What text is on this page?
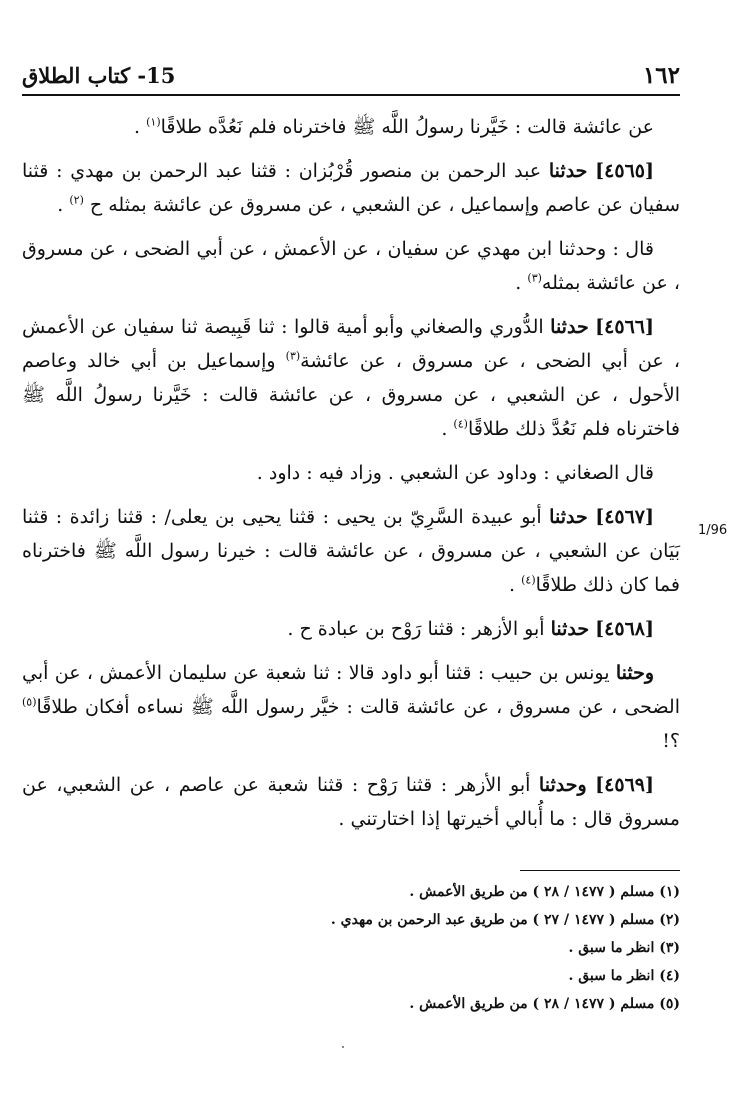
١٦٢
15- كتاب الطلاق
1/96

عن عائشة قالت : خَيَّرنا رسولُ اللَّه ﷺ فاخترناه فلم نَعُدَّه طلاقًا$^{(١)}$ .

[٤٥٦٥] حدثنا عبد الرحمن بن منصور قُرْبُزان : قثنا عبد الرحمن بن مهدي : قثنا سفيان عن عاصم وإسماعيل ، عن الشعبي ، عن مسروق عن عائشة بمثله ح $^{(٢)}$ .

قال : وحدثنا ابن مهدي عن سفيان ، عن الأعمش ، عن أبي الضحى ، عن مسروق ، عن عائشة بمثله$^{(٣)}$ .

[٤٥٦٦] حدثنا الدُّوري والصغاني وأبو أمية قالوا : ثنا قَبِيصة ثنا سفيان عن الأعمش ، عن أبي الضحى ، عن مسروق ، عن عائشة$^{(٣)}$ وإسماعيل بن أبي خالد وعاصم الأحول ، عن الشعبي ، عن مسروق ، عن عائشة قالت : خَيَّرنا رسولُ اللَّه ﷺ فاخترناه فلم نَعُدَّ ذلك طلاقًا$^{(٤)}$ .

قال الصغاني : وداود عن الشعبي . وزاد فيه : داود .

[٤٥٦٧] حدثنا أبو عبيدة السَّرِيّ بن يحيى : قثنا يحيى بن يعلى/ : قثنا زائدة : قثنا بَيَان عن الشعبي ، عن مسروق ، عن عائشة قالت : خيرنا رسول اللَّه ﷺ فاخترناه فما كان ذلك طلاقًا$^{(٤)}$ .

[٤٥٦٨] حدثنا أبو الأزهر : قثنا رَوْح بن عبادة ح .

وحثنا يونس بن حبيب : قثنا أبو داود قالا : ثنا شعبة عن سليمان الأعمش ، عن أبي الضحى ، عن مسروق ، عن عائشة قالت : خيَّر رسول اللَّه ﷺ نساءه أفكان طلاقًا$^{(٥)}$ ؟!

[٤٥٦٩] وحدثنا أبو الأزهر : قثنا رَوْح : قثنا شعبة عن عاصم ، عن الشعبي، عن مسروق قال : ما أُبالي أخيرتها إذا اختارتني .

(١) مسلم ( ١٤٧٧ / ٢٨ ) من طريق الأعمش .
(٢) مسلم ( ١٤٧٧ / ٢٧ ) من طريق عبد الرحمن بن مهدي .
(٣) انظر ما سبق .
(٤) انظر ما سبق .
(٥) مسلم ( ١٤٧٧ / ٢٨ ) من طريق الأعمش .
